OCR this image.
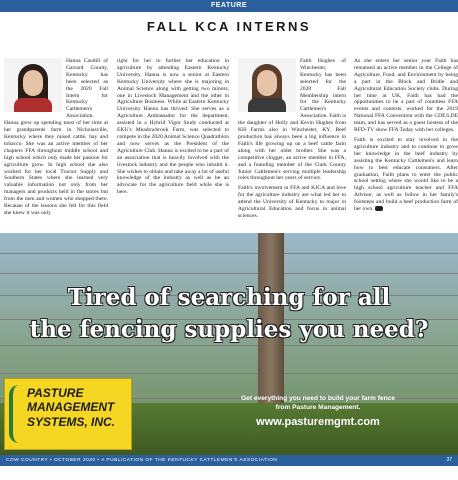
FEATURE
FALL KCA INTERNS

Hanna Caudill of Garrard County, Kentucky has been selected as the 2020 Fall Intern for Kentucky Cattlemen's Association. Hanna grew up spending most of her time at her grandparents farm in Nicholasville, Kentucky where they raised cattle, hay and tobacco. She was an active member of her chapters FFA throughout middle school and high school which only made her passion for agriculture grow. In high school she also worked for her local Tractor Supply and Southern States where she learned very valuable information not only from her managers and products held in the stores but from the men and women who shopped there. Because of the lessons she felt for this field she knew it was only

right for her to further her education in agriculture by attending Eastern Kentucky University. Hanna is now a senior at Eastern Kentucky University where she is majoring in Animal Science along with getting two minors, one in Livestock Management and the other in Agriculture Business. While at Eastern Kentucky University Hanna has thrived. She serves as a Agriculture Ambassador for the department, assisted in a Hybrid Vigor Study conducted at EKU's Meadowbrook Farm, was selected to compete in the 2020 Animal Science Quadrathlon and now serves as the President of the Agriculture Club. Hanna is excited to be a part of an association that is heavily involved with the livestock industry and the people who inhabit it. She wishes to obtain and take away a lot of useful knowledge of the industry as well as be an advocate for the agriculture field while she is here.

Faith Hughes of Winchester, Kentucky has been selected for the 2020 Fall Membership intern for the Kentucky Cattlemen's Association. Faith is the daughter of Holly and Kevin Hughes from KH Farms also in Winchester, KY. Beef production has always been a big influence in Faith's life growing up on a beef cattle farm along with her older brother. She was a competitive clogger, an active member in FFA, and a founding member of the Clark County Junior Cattlemen's serving multiple leadership roles throughout her years of service.

Faith's involvement in FFA and KJCA and love for the agriculture industry are what led her to attend the University of Kentucky to major in Agricultural Education and focus in animal sciences.

As she enters her senior year Faith has remained an active member in the College of Agriculture, Food, and Environment by being a part in the Block and Bridle and Agricultural Education Society clubs. During her time at UK, Faith has had the opportunities to be a part of countless FFA events and contests, worked for the 2019 National FFA Convention with the CDE/LDE team, and has served as a guest hostess of the RFD-TV show FFA Today with her colleges.

Faith is excited to stay involved in the agriculture industry and to continue to grow her knowledge in the beef industry by assisting the Kentucky Cattlemen's and learn how to best educate consumers. After graduation, Faith plans to enter the public school setting where she would like to be a high school agriculture teacher and FFA Advisor, as well as follow in her family's footsteps and build a beef production farm of her own.

Tired of searching for all
the fencing supplies you need?
PASTURE
MANAGEMENT
SYSTEMS, INC.
Get everything you need to build your farm fence
from Pasture Management.
www.pasturemgmt.com
COW COUNTRY • OCTOBER 2020 • A PUBLICATION OF THE KENTUCKY CATTLEMEN'S ASSOCIATION	37
